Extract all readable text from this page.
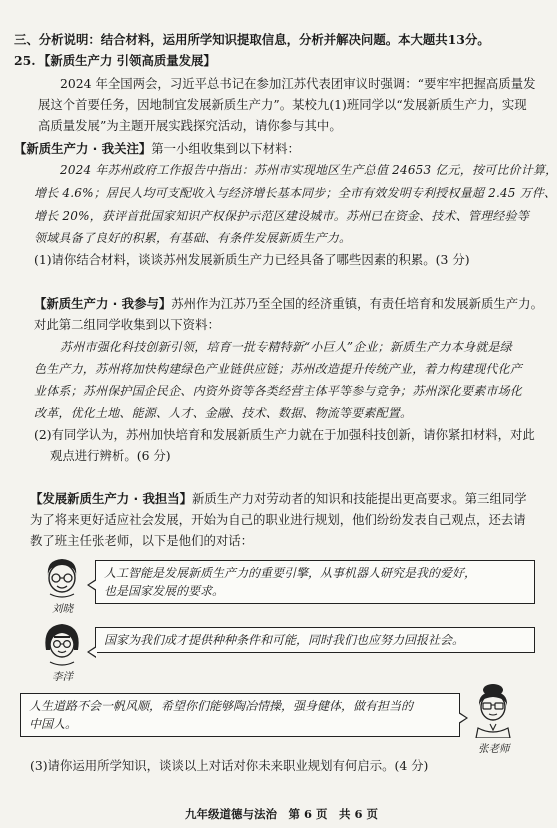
三、分析说明：结合材料，运用所学知识提取信息，分析并解决问题。本大题共13分。
25. 【新质生产力 引领高质量发展】
2024 年全国两会，习近平总书记在参加江苏代表团审议时强调：“要牢牢把握高质量发
展这个首要任务，因地制宜发展新质生产力”。某校九(1)班同学以“发展新质生产力，实现
高质量发展”为主题开展实践探究活动，请你参与其中。
【新质生产力 · 我关注】第一小组收集到以下材料：
2024 年苏州政府工作报告中指出：苏州市实现地区生产总值 24653 亿元，按可比价计算，
增长 4.6%；居民人均可支配收入与经济增长基本同步；全市有效发明专利授权量超 2.45 万件、
增长 20%，获评首批国家知识产权保护示范区建设城市。苏州已在资金、技术、管理经验等
领域具备了良好的积累，有基础、有条件发展新质生产力。
(1)请你结合材料，谈谈苏州发展新质生产力已经具备了哪些因素的积累。(3 分)
【新质生产力 · 我参与】苏州作为江苏乃至全国的经济重镇，有责任培育和发展新质生产力。
对此第二组同学收集到以下资料：
苏州市强化科技创新引领，培育一批专精特新“小巨人”企业；新质生产力本身就是绿
色生产力，苏州将加快构建绿色产业链供应链；苏州改造提升传统产业，着力构建现代化产
业体系；苏州保护国企民企、内资外资等各类经营主体平等参与竞争；苏州深化要素市场化
改革，优化土地、能源、人才、金融、技术、数据、物流等要素配置。
(2)有同学认为，苏州加快培育和发展新质生产力就在于加强科技创新，请你紧扣材料，对此
观点进行辨析。(6 分)
【发展新质生产力 · 我担当】新质生产力对劳动者的知识和技能提出更高要求。第三组同学
为了将来更好适应社会发展，开始为自己的职业进行规划，他们纷纷发表自己观点，还去请
教了班主任张老师，以下是他们的对话：
刘晓
人工智能是发展新质生产力的重要引擎，从事机器人研究是我的爱好，
也是国家发展的要求。
李洋
国家为我们成才提供种种条件和可能，同时我们也应努力回报社会。
人生道路不会一帆风顺，希望你们能够陶冶情操，强身健体，做有担当的
中国人。
张老师
(3)请你运用所学知识，谈谈以上对话对你未来职业规划有何启示。(4 分)
九年级道德与法治　第 6 页　共 6 页
